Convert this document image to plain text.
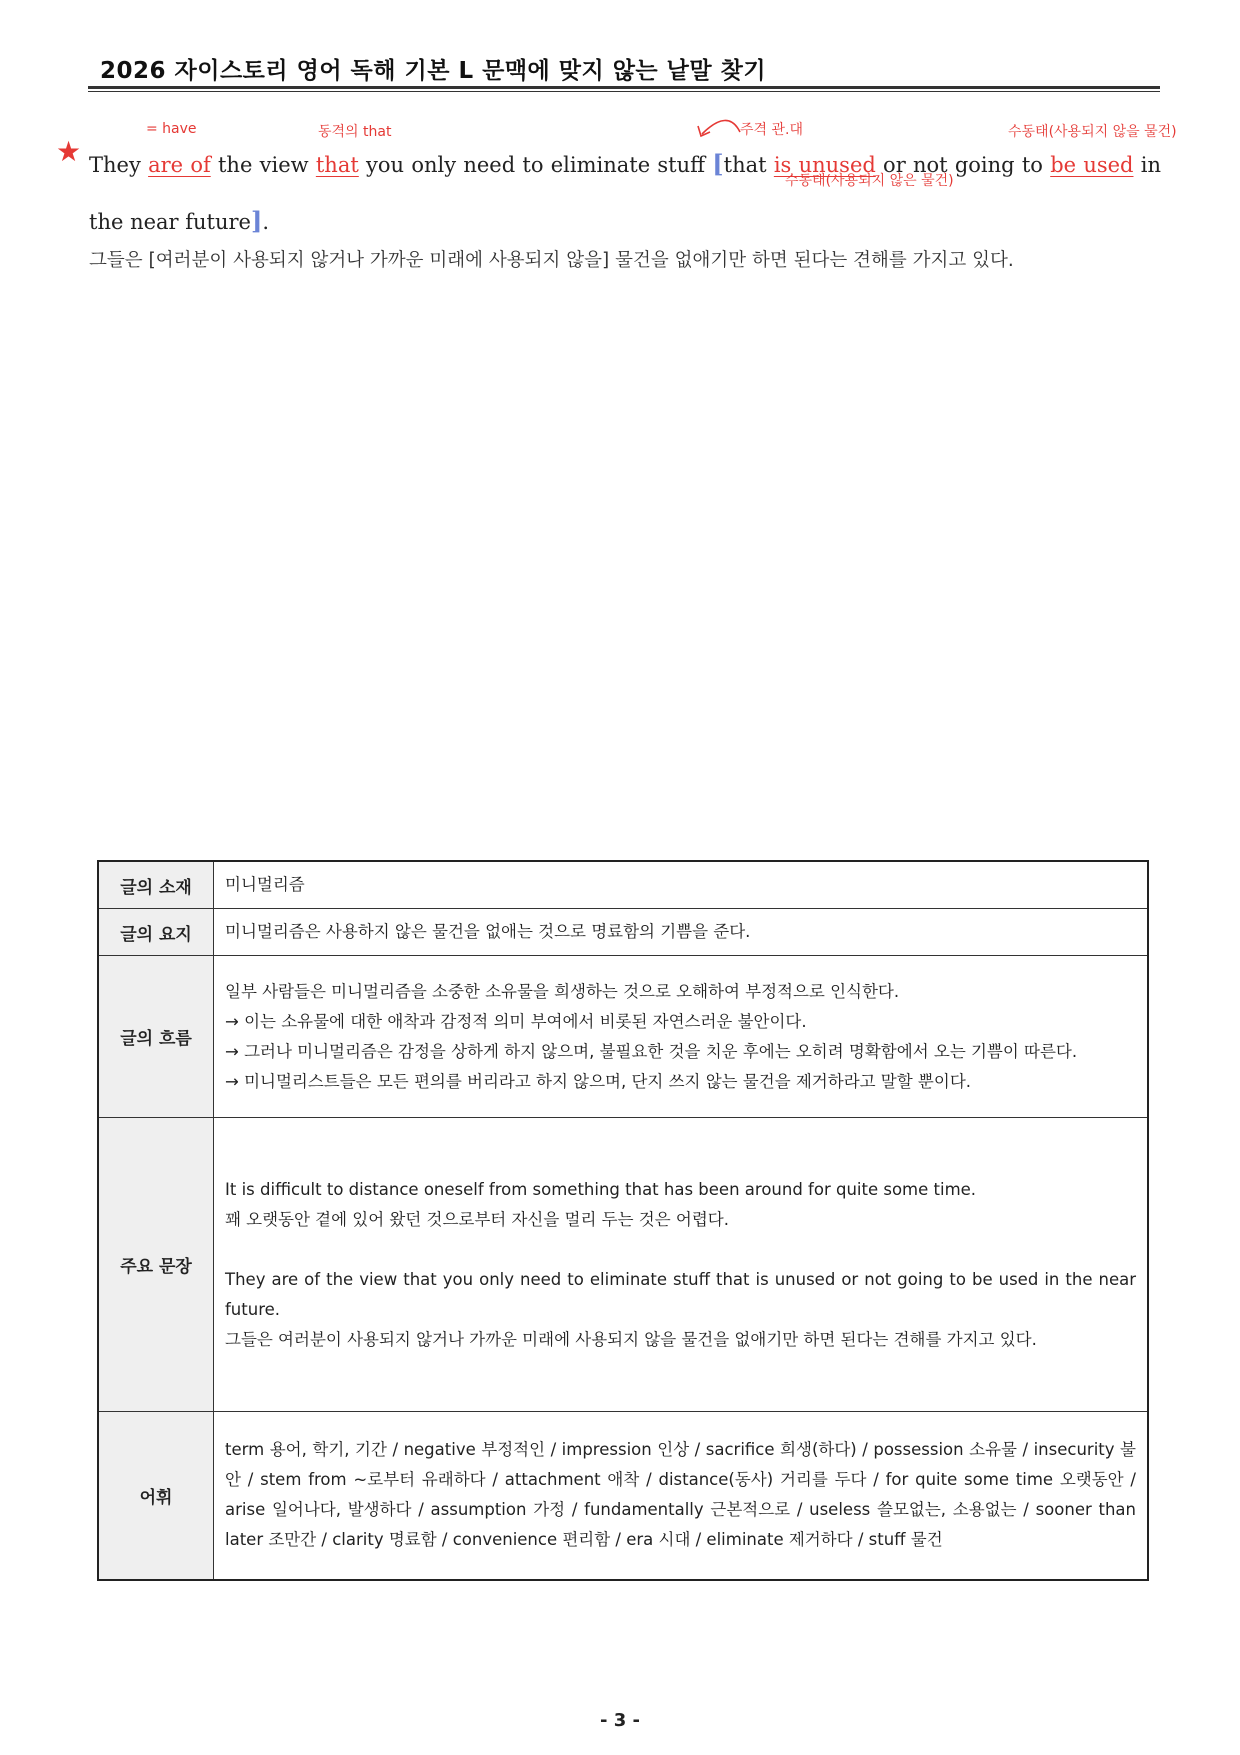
2026 자이스토리 영어 독해 기본 L 문맥에 맞지 않는 낱말 찾기
= have	동격의 that	주격 관.대	수동태(사용되지 않을 물건)
수동태(사용되지 않은 물건)
★ They are of the view that you only need to eliminate stuff [that is unused or not going to be used in the near future].

그들은 [여러분이 사용되지 않거나 가까운 미래에 사용되지 않을] 물건을 없애기만 하면 된다는 견해를 가지고 있다.

글의 소재	미니멀리즘
글의 요지	미니멀리즘은 사용하지 않은 물건을 없애는 것으로 명료함의 기쁨을 준다.
글의 흐름	일부 사람들은 미니멀리즘을 소중한 소유물을 희생하는 것으로 오해하여 부정적으로 인식한다.

→ 이는 소유물에 대한 애착과 감정적 의미 부여에서 비롯된 자연스러운 불안이다.

→ 그러나 미니멀리즘은 감정을 상하게 하지 않으며, 불필요한 것을 치운 후에는 오히려 명확함에서 오는 기쁨이 따른다.

→ 미니멀리스트들은 모든 편의를 버리라고 하지 않으며, 단지 쓰지 않는 물건을 제거하라고 말할 뿐이다.

주요 문장	It is difficult to distance oneself from something that has been around for quite some time.

꽤 오랫동안 곁에 있어 왔던 것으로부터 자신을 멀리 두는 것은 어렵다.

They are of the view that you only need to eliminate stuff that is unused or not going to be used in the near future.

그들은 여러분이 사용되지 않거나 가까운 미래에 사용되지 않을 물건을 없애기만 하면 된다는 견해를 가지고 있다.

어휘	term 용어, 학기, 기간 / negative 부정적인 / impression 인상 / sacrifice 희생(하다) / possession 소유물 / insecurity 불안 / stem from ~로부터 유래하다 / attachment 애착 / distance(동사) 거리를 두다 / for quite some time 오랫동안 / arise 일어나다, 발생하다 / assumption 가정 / fundamentally 근본적으로 / useless 쓸모없는, 소용없는 / sooner than later 조만간 / clarity 명료함 / convenience 편리함 / era 시대 / eliminate 제거하다 / stuff 물건
- 3 -
